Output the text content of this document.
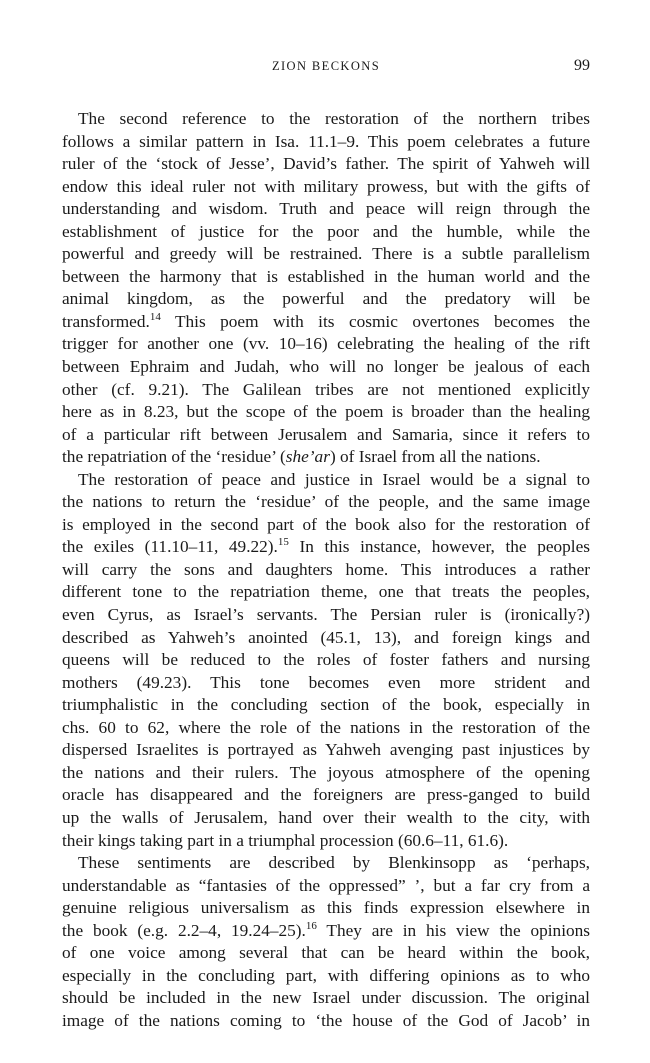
ZION BECKONS	99
The second reference to the restoration of the northern tribes
follows a similar pattern in Isa. 11.1–9. This poem celebrates a future
ruler of the ‘stock of Jesse’, David’s father. The spirit of Yahweh will
endow this ideal ruler not with military prowess, but with the gifts of
understanding and wisdom. Truth and peace will reign through the
establishment of justice for the poor and the humble, while the
powerful and greedy will be restrained. There is a subtle parallelism
between the harmony that is established in the human world and the
animal kingdom, as the powerful and the predatory will be
transformed.$^{14}$ This poem with its cosmic overtones becomes the
trigger for another one (vv. 10–16) celebrating the healing of the rift
between Ephraim and Judah, who will no longer be jealous of each
other (cf. 9.21). The Galilean tribes are not mentioned explicitly
here as in 8.23, but the scope of the poem is broader than the healing
of a particular rift between Jerusalem and Samaria, since it refers to
the repatriation of the ‘residue’ (she’ar) of Israel from all the nations.
The restoration of peace and justice in Israel would be a signal to
the nations to return the ‘residue’ of the people, and the same image
is employed in the second part of the book also for the restoration of
the exiles (11.10–11, 49.22).$^{15}$ In this instance, however, the peoples
will carry the sons and daughters home. This introduces a rather
different tone to the repatriation theme, one that treats the peoples,
even Cyrus, as Israel’s servants. The Persian ruler is (ironically?)
described as Yahweh’s anointed (45.1, 13), and foreign kings and
queens will be reduced to the roles of foster fathers and nursing
mothers (49.23). This tone becomes even more strident and
triumphalistic in the concluding section of the book, especially in
chs. 60 to 62, where the role of the nations in the restoration of the
dispersed Israelites is portrayed as Yahweh avenging past injustices by
the nations and their rulers. The joyous atmosphere of the opening
oracle has disappeared and the foreigners are press-ganged to build
up the walls of Jerusalem, hand over their wealth to the city, with
their kings taking part in a triumphal procession (60.6–11, 61.6).
These sentiments are described by Blenkinsopp as ‘perhaps,
understandable as “fantasies of the oppressed” ’, but a far cry from a
genuine religious universalism as this finds expression elsewhere in
the book (e.g. 2.2–4, 19.24–25).$^{16}$ They are in his view the opinions
of one voice among several that can be heard within the book,
especially in the concluding part, with differing opinions as to who
should be included in the new Israel under discussion. The original
image of the nations coming to ‘the house of the God of Jacob’ in
